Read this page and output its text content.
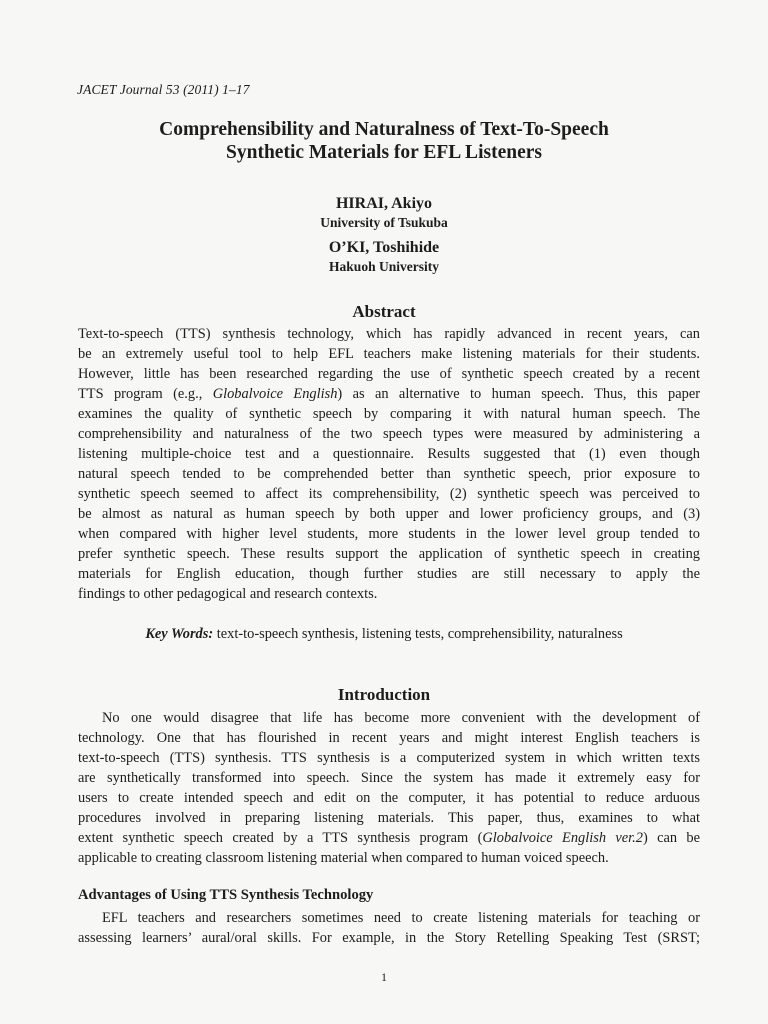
JACET Journal 53 (2011) 1–17
Comprehensibility and Naturalness of Text-To-Speech
Synthetic Materials for EFL Listeners
HIRAI, Akiyo
University of Tsukuba
O’KI, Toshihide
Hakuoh University
Abstract
Text-to-speech (TTS) synthesis technology, which has rapidly advanced in recent years, can
be an extremely useful tool to help EFL teachers make listening materials for their students.
However, little has been researched regarding the use of synthetic speech created by a recent
TTS program (e.g., Globalvoice English) as an alternative to human speech. Thus, this paper
examines the quality of synthetic speech by comparing it with natural human speech. The
comprehensibility and naturalness of the two speech types were measured by administering a
listening multiple-choice test and a questionnaire. Results suggested that (1) even though
natural speech tended to be comprehended better than synthetic speech, prior exposure to
synthetic speech seemed to affect its comprehensibility, (2) synthetic speech was perceived to
be almost as natural as human speech by both upper and lower proficiency groups, and (3)
when compared with higher level students, more students in the lower level group tended to
prefer synthetic speech. These results support the application of synthetic speech in creating
materials for English education, though further studies are still necessary to apply the
findings to other pedagogical and research contexts.
Key Words: text-to-speech synthesis, listening tests, comprehensibility, naturalness
Introduction
No one would disagree that life has become more convenient with the development of
technology. One that has flourished in recent years and might interest English teachers is
text-to-speech (TTS) synthesis. TTS synthesis is a computerized system in which written texts
are synthetically transformed into speech. Since the system has made it extremely easy for
users to create intended speech and edit on the computer, it has potential to reduce arduous
procedures involved in preparing listening materials. This paper, thus, examines to what
extent synthetic speech created by a TTS synthesis program (Globalvoice English ver.2) can be
applicable to creating classroom listening material when compared to human voiced speech.
Advantages of Using TTS Synthesis Technology
EFL teachers and researchers sometimes need to create listening materials for teaching or
assessing learners’ aural/oral skills. For example, in the Story Retelling Speaking Test (SRST;
1
